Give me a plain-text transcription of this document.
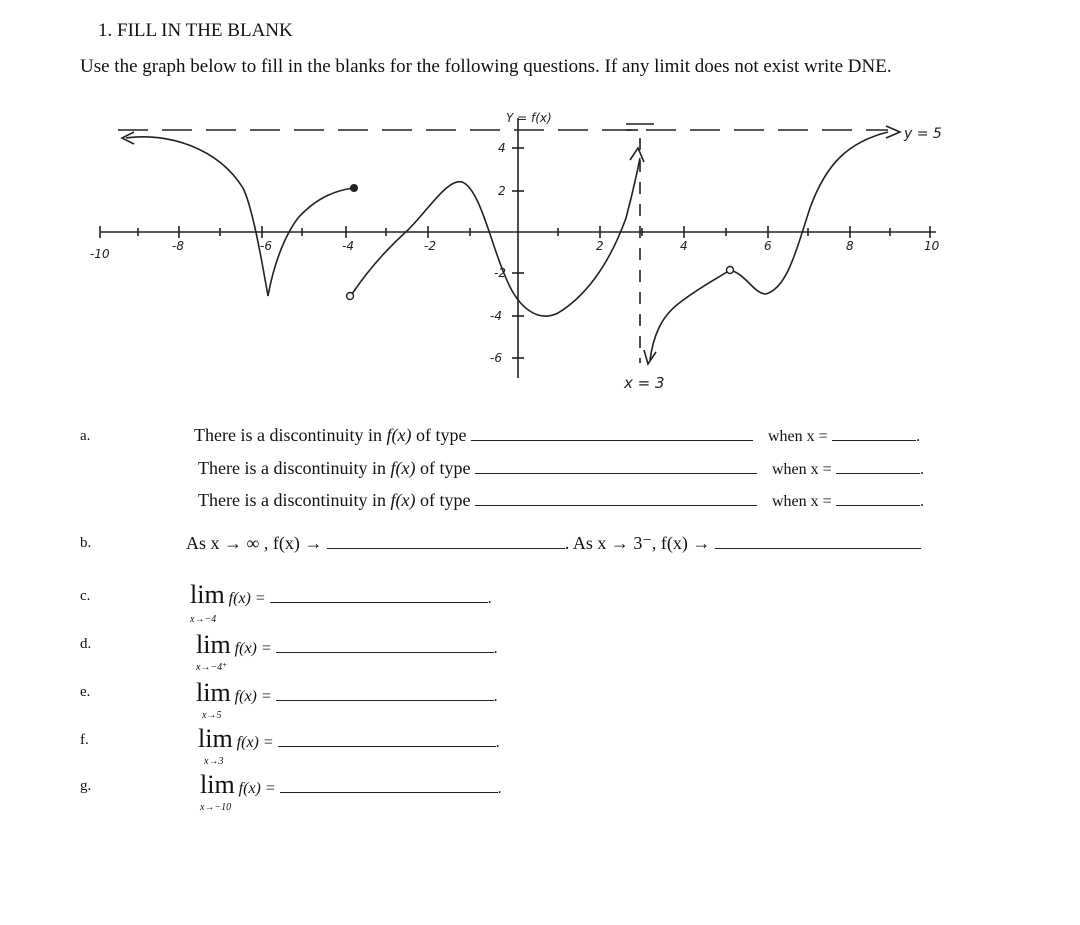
1. FILL IN THE BLANK
Use the graph below to fill in the blanks for the following questions. If any limit does not exist write DNE.
Y = f(x)
y = 5
x = 3
-10
-8	-6	-4	-2	2	4	6	8	10
4
2
-2
-4
-6
a.	There is a discontinuity in f(x) of type	when x =	.
There is a discontinuity in f(x) of type	when x =	.
There is a discontinuity in f(x) of type	when x =	.
b.	As x → ∞ , f(x) →	. As x → 3⁻, f(x) →
c.	lim f(x) =	.
x→−4
d.	lim f(x) =	.
x→−4⁺
e.	lim f(x) =	.
x→5
f.	lim f(x) =	.
x→3
g.	lim f(x) =	.
x→−10
